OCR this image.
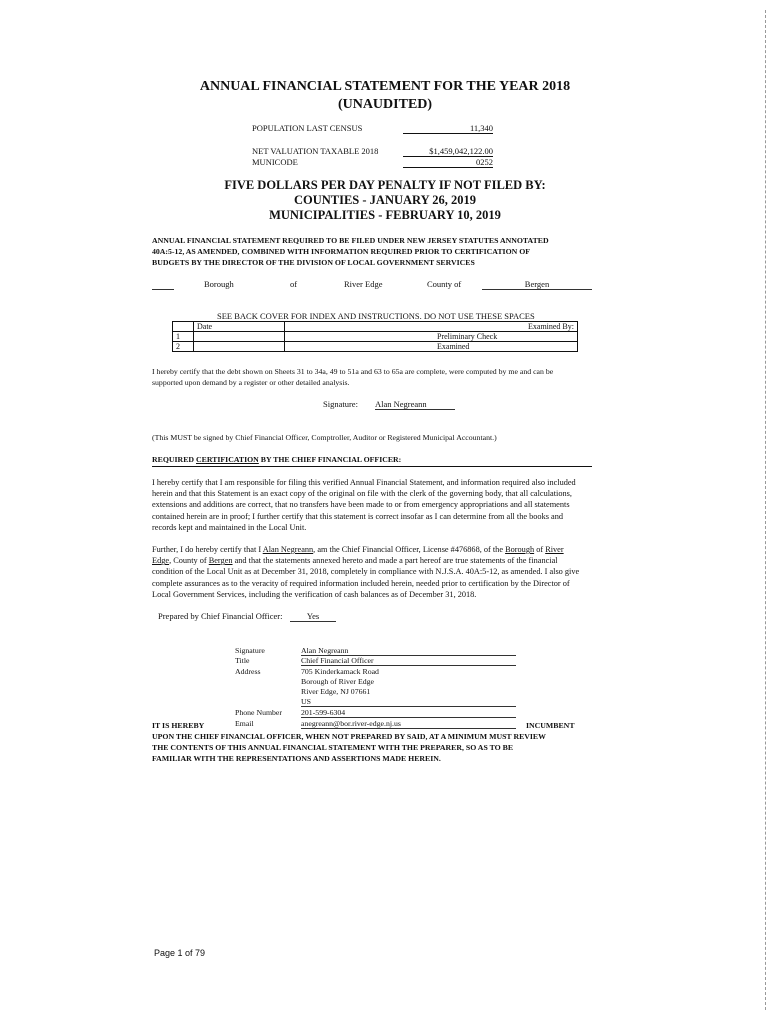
ANNUAL FINANCIAL STATEMENT FOR THE YEAR 2018
(UNAUDITED)
POPULATION LAST CENSUS	11,340
NET VALUATION TAXABLE 2018	$1,459,042,122.00
MUNICODE	0252
FIVE DOLLARS PER DAY PENALTY IF NOT FILED BY:
COUNTIES - JANUARY 26, 2019
MUNICIPALITIES - FEBRUARY 10, 2019
ANNUAL FINANCIAL STATEMENT REQUIRED TO BE FILED UNDER NEW JERSEY STATUTES ANNOTATED
40A:5-12, AS AMENDED, COMBINED WITH INFORMATION REQUIRED PRIOR TO CERTIFICATION OF
BUDGETS BY THE DIRECTOR OF THE DIVISION OF LOCAL GOVERNMENT SERVICES
Borough	of	River Edge	County of	Bergen
SEE BACK COVER FOR INDEX AND INSTRUCTIONS. DO NOT USE THESE SPACES
	Date		Examined By:
1			Preliminary Check
2			Examined
I hereby certify that the debt shown on Sheets 31 to 34a, 49 to 51a and 63 to 65a are complete, were computed by me and can be
supported upon demand by a register or other detailed analysis.
Signature: Alan Negreann
(This MUST be signed by Chief Financial Officer, Comptroller, Auditor or Registered Municipal Accountant.)
REQUIRED CERTIFICATION BY THE CHIEF FINANCIAL OFFICER:
I hereby certify that I am responsible for filing this verified Annual Financial Statement, and information required also included
herein and that this Statement is an exact copy of the original on file with the clerk of the governing body, that all calculations,
extensions and additions are correct, that no transfers have been made to or from emergency appropriations and all statements
contained herein are in proof; I further certify that this statement is correct insofar as I can determine from all the books and
records kept and maintained in the Local Unit.
Further, I do hereby certify that I Alan Negreann, am the Chief Financial Officer, License #476868, of the Borough of River
Edge, County of Bergen and that the statements annexed hereto and made a part hereof are true statements of the financial
condition of the Local Unit as at December 31, 2018, completely in compliance with N.J.S.A. 40A:5-12, as amended. I also give
complete assurances as to the veracity of required information included herein, needed prior to certification by the Director of
Local Government Services, including the verification of cash balances as of December 31, 2018.
Prepared by Chief Financial Officer:	Yes
Signature	Alan Negreann
Title	Chief Financial Officer
Address	705 Kinderkamack Road
Borough of River Edge
River Edge, NJ 07661
US
Phone Number 201-599-6304
Email	anegreann@bor.river-edge.nj.us
IT IS HEREBY	INCUMBENT
UPON THE CHIEF FINANCIAL OFFICER, WHEN NOT PREPARED BY SAID, AT A MINIMUM MUST REVIEW
THE CONTENTS OF THIS ANNUAL FINANCIAL STATEMENT WITH THE PREPARER, SO AS TO BE
FAMILIAR WITH THE REPRESENTATIONS AND ASSERTIONS MADE HEREIN.
Page 1 of 79
